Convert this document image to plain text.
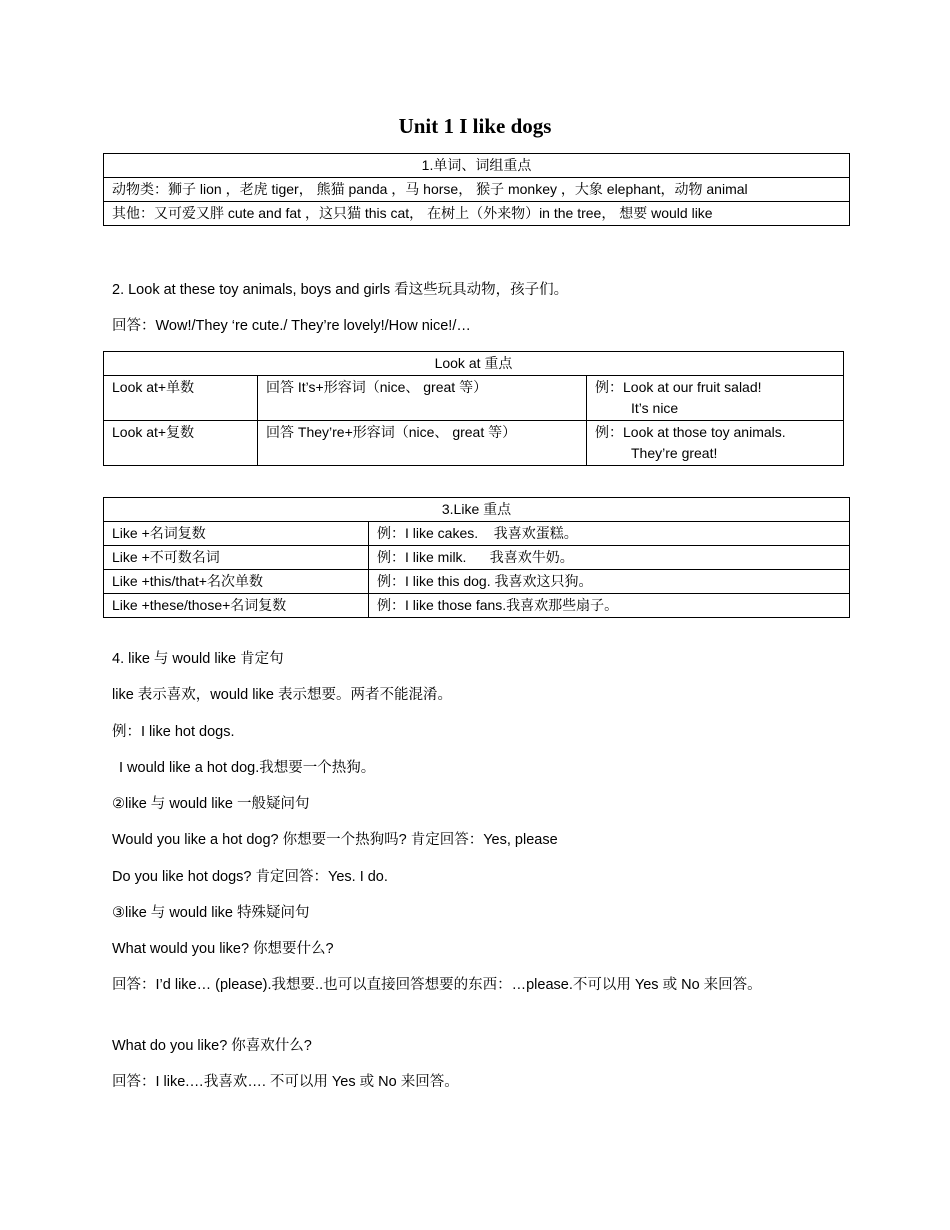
Unit 1 I like dogs
1.单词、词组重点
动物类：狮子 lion ，老虎 tiger， 熊猫 panda ，马 horse， 猴子 monkey ，大象 elephant，动物 animal
其他：又可爱又胖 cute and fat ，这只猫 this cat， 在树上（外来物）in the tree， 想要 would like

2. Look at these toy animals, boys and girls 看这些玩具动物，孩子们。

回答：Wow!/They ‘re cute./ They’re lovely!/How nice!/…

Look at 重点		
Look at+单数	回答 It’s+形容词（nice、 great 等）	例：Look at our fruit salad!
It’s nice

Look at+复数	回答 They’re+形容词（nice、 great 等）	例：Look at those toy animals.
They’re great!
3.Like 重点	
Like +名词复数	例：I like cakes.    我喜欢蛋糕。
Like +不可数名词	例：I like milk.      我喜欢牛奶。
Like +this/that+名次单数	例：I like this dog. 我喜欢这只狗。
Like +these/those+名词复数	例：I like those fans.我喜欢那些扇子。

4. like 与 would like 肯定句

like 表示喜欢，would like 表示想要。两者不能混淆。

例：I like hot dogs.

I would like a hot dog.我想要一个热狗。

②like 与 would like 一般疑问句

Would you like a hot dog? 你想要一个热狗吗? 肯定回答：Yes, please

Do you like hot dogs? 肯定回答：Yes. I do.

③like 与 would like 特殊疑问句

What would you like? 你想要什么?

回答：I’d like… (please).我想要..也可以直接回答想要的东西：…please.不可以用 Yes 或 No 来回答。

What do you like? 你喜欢什么?

回答：I like.…我喜欢…. 不可以用 Yes 或 No 来回答。
